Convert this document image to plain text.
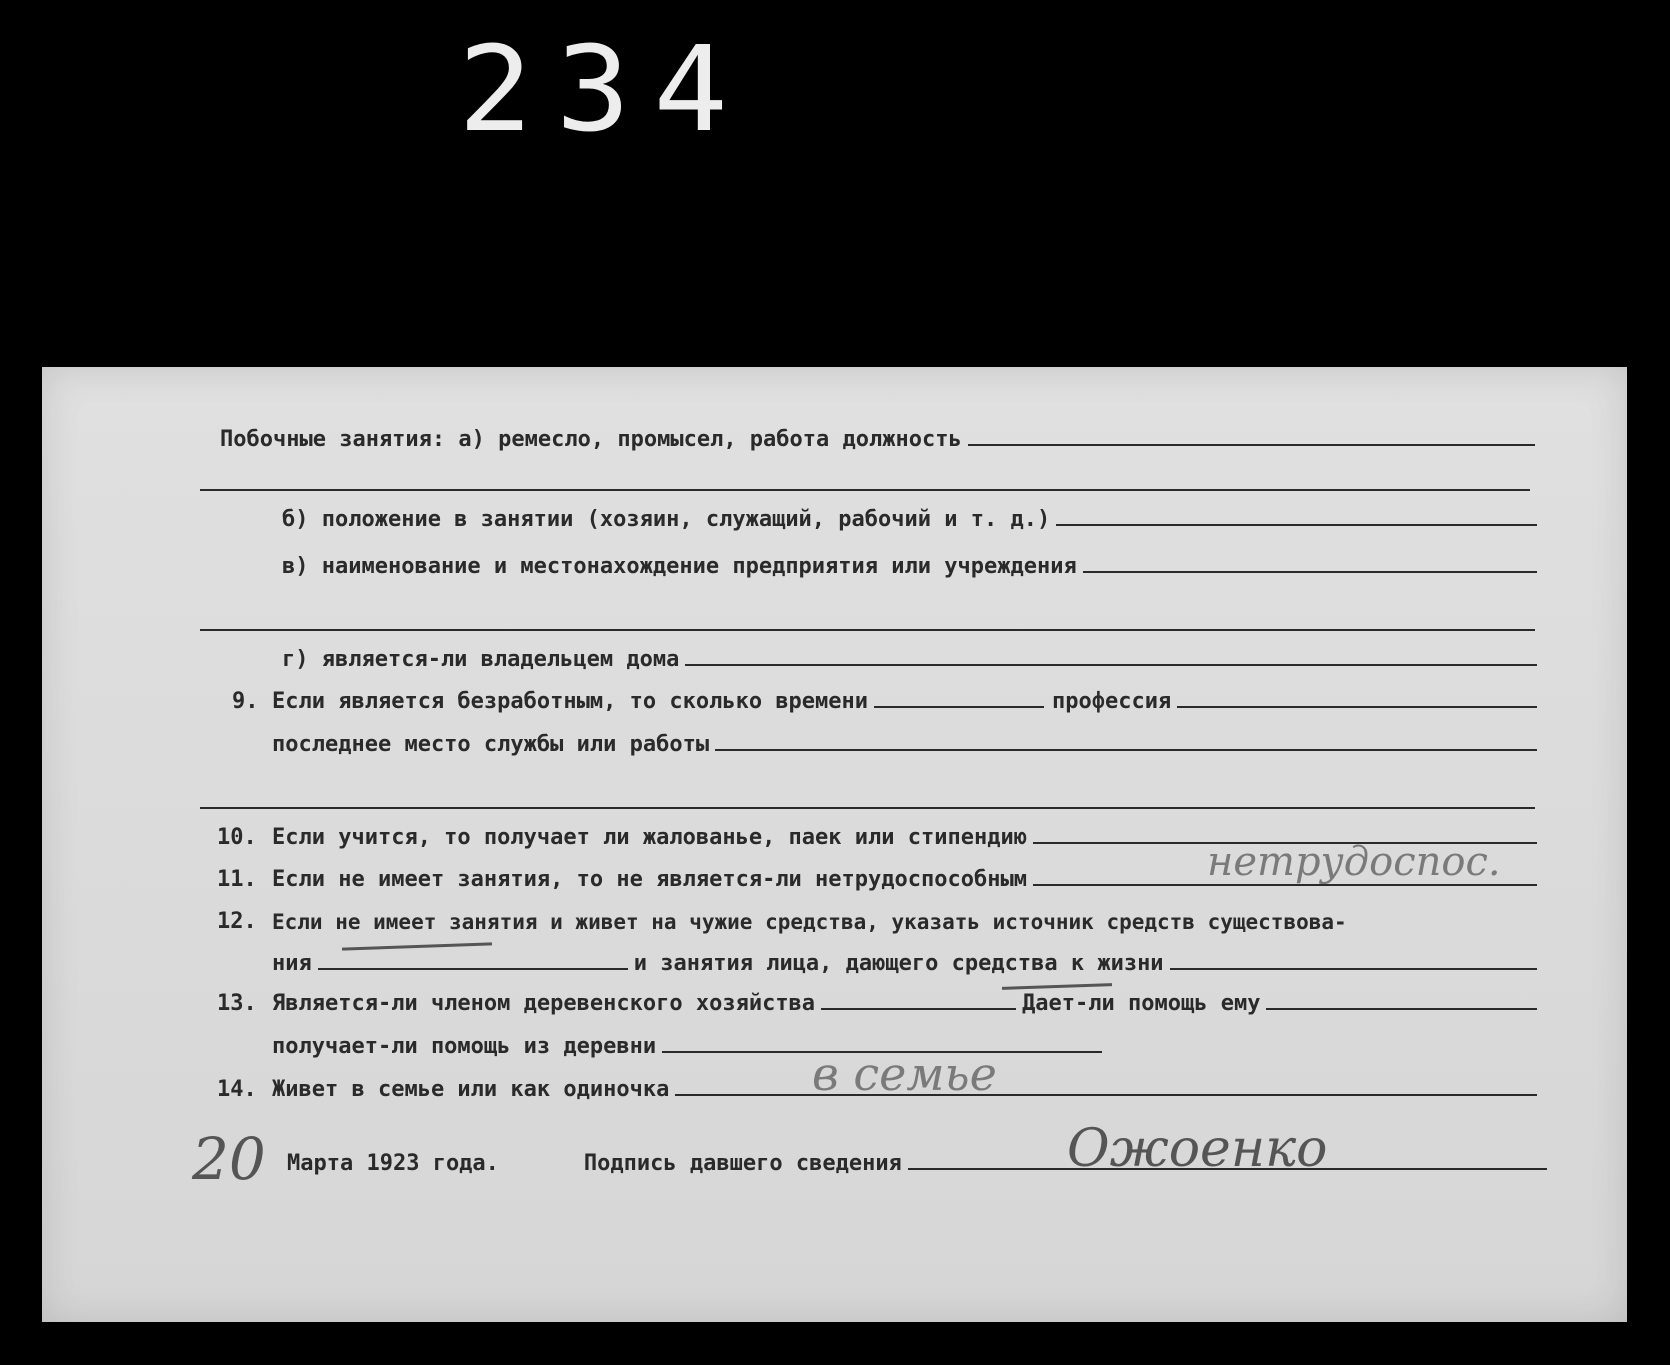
234
Побочные занятия: а) ремесло, промысел, работа должность
б) положение в занятии (хозяин, служащий, рабочий и т. д.)
в) наименование и местонахождение предприятия или учреждения
г) является-ли владельцем дома
9. Если является безработным, то сколько времени	профессия
последнее место службы или работы
10. Если учится, то получает ли жалованье, паек или стипендию
11. Если не имеет занятия, то не является-ли нетрудоспособным	нетрудоспос.
12. Если не имеет занятия и живет на чужие средства, указать источник средств существова-
ния	и занятия лица, дающего средства к жизни
13. Является-ли членом деревенского хозяйства	Дает-ли помощь ему
получает-ли помощь из деревни
14. Живет в семье или как одиночка	в семье
20 Марта 1923 года.	Подпись давшего сведения	Ожоенко
